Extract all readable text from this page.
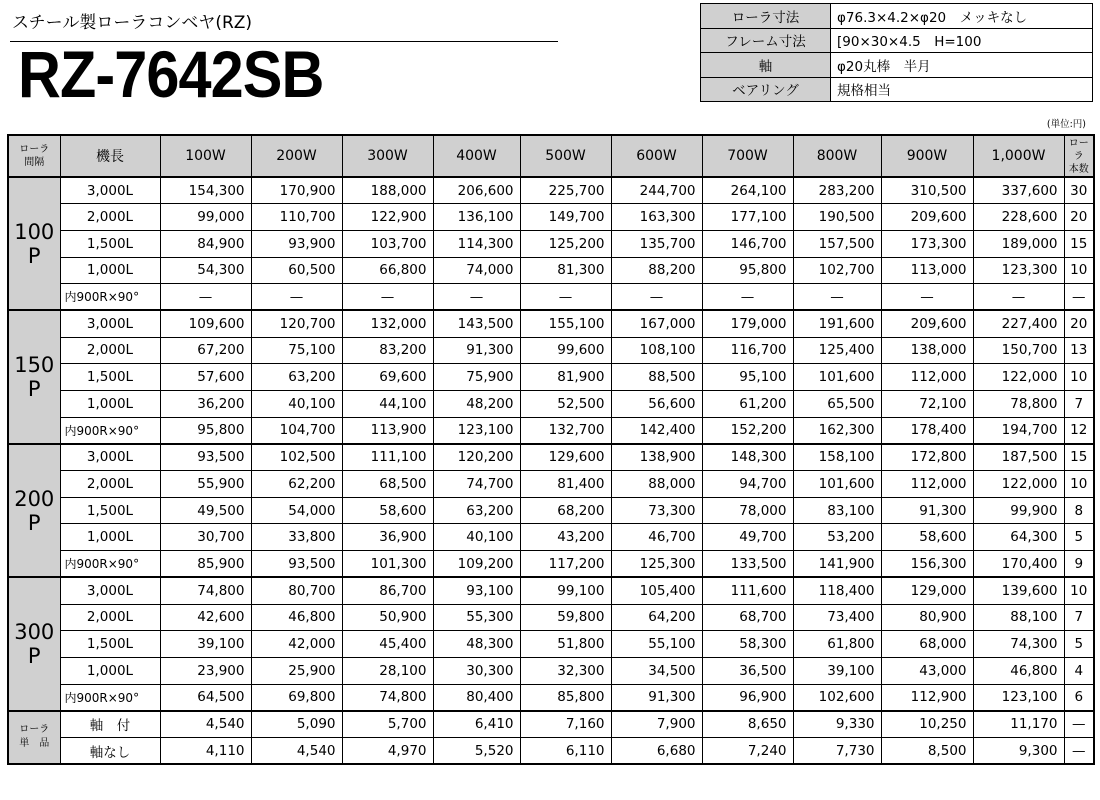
スチール製ローラコンベヤ(RZ)
RZ-7642SB
ローラ寸法	φ76.3×4.2×φ20　メッキなし
フレーム寸法	[90×30×4.5　H=100
軸	φ20丸棒　半月
ベアリング	規格相当
(単位:円)
ローラ
間隔	機長	100W	200W	300W	400W	500W	600W	700W	800W	900W	1,000W	ローラ
本数
100
P	3,000L	154,300	170,900	188,000	206,600	225,700	244,700	264,100	283,200	310,500	337,600	30
	2,000L	99,000	110,700	122,900	136,100	149,700	163,300	177,100	190,500	209,600	228,600	20
	1,500L	84,900	93,900	103,700	114,300	125,200	135,700	146,700	157,500	173,300	189,000	15
	1,000L	54,300	60,500	66,800	74,000	81,300	88,200	95,800	102,700	113,000	123,300	10
	内900R×90°	—	—	—	—	—	—	—	—	—	—	—
150
P	3,000L	109,600	120,700	132,000	143,500	155,100	167,000	179,000	191,600	209,600	227,400	20
	2,000L	67,200	75,100	83,200	91,300	99,600	108,100	116,700	125,400	138,000	150,700	13
	1,500L	57,600	63,200	69,600	75,900	81,900	88,500	95,100	101,600	112,000	122,000	10
	1,000L	36,200	40,100	44,100	48,200	52,500	56,600	61,200	65,500	72,100	78,800	7
	内900R×90°	95,800	104,700	113,900	123,100	132,700	142,400	152,200	162,300	178,400	194,700	12
200
P	3,000L	93,500	102,500	111,100	120,200	129,600	138,900	148,300	158,100	172,800	187,500	15
	2,000L	55,900	62,200	68,500	74,700	81,400	88,000	94,700	101,600	112,000	122,000	10
	1,500L	49,500	54,000	58,600	63,200	68,200	73,300	78,000	83,100	91,300	99,900	8
	1,000L	30,700	33,800	36,900	40,100	43,200	46,700	49,700	53,200	58,600	64,300	5
	内900R×90°	85,900	93,500	101,300	109,200	117,200	125,300	133,500	141,900	156,300	170,400	9
300
P	3,000L	74,800	80,700	86,700	93,100	99,100	105,400	111,600	118,400	129,000	139,600	10
	2,000L	42,600	46,800	50,900	55,300	59,800	64,200	68,700	73,400	80,900	88,100	7
	1,500L	39,100	42,000	45,400	48,300	51,800	55,100	58,300	61,800	68,000	74,300	5
	1,000L	23,900	25,900	28,100	30,300	32,300	34,500	36,500	39,100	43,000	46,800	4
	内900R×90°	64,500	69,800	74,800	80,400	85,800	91,300	96,900	102,600	112,900	123,100	6
ローラ
単　品	軸　付	4,540	5,090	5,700	6,410	7,160	7,900	8,650	9,330	10,250	11,170	—
	軸なし	4,110	4,540	4,970	5,520	6,110	6,680	7,240	7,730	8,500	9,300	—
